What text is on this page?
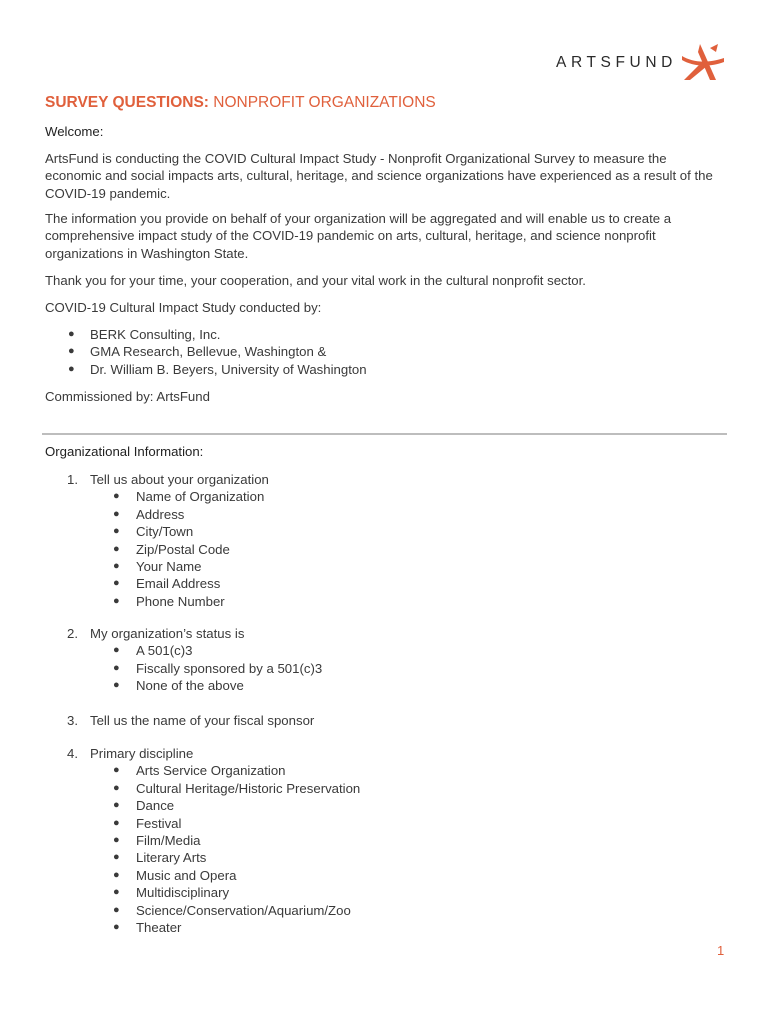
ARTSFUND
SURVEY QUESTIONS: NONPROFIT ORGANIZATIONS
Welcome:
ArtsFund is conducting the COVID Cultural Impact Study - Nonprofit Organizational Survey to measure the economic and social impacts arts, cultural, heritage, and science organizations have experienced as a result of the COVID-19 pandemic.
The information you provide on behalf of your organization will be aggregated and will enable us to create a comprehensive impact study of the COVID-19 pandemic on arts, cultural, heritage, and science nonprofit organizations in Washington State.
Thank you for your time, your cooperation, and your vital work in the cultural nonprofit sector.
COVID-19 Cultural Impact Study conducted by:
● BERK Consulting, Inc.
● GMA Research, Bellevue, Washington &
● Dr. William B. Beyers, University of Washington
Commissioned by: ArtsFund
Organizational Information:
1. Tell us about your organization
● Name of Organization
● Address
● City/Town
● Zip/Postal Code
● Your Name
● Email Address
● Phone Number
2. My organization’s status is
● A 501(c)3
● Fiscally sponsored by a 501(c)3
● None of the above
3. Tell us the name of your fiscal sponsor
4. Primary discipline
● Arts Service Organization
● Cultural Heritage/Historic Preservation
● Dance
● Festival
● Film/Media
● Literary Arts
● Music and Opera
● Multidisciplinary
● Science/Conservation/Aquarium/Zoo
● Theater
1
